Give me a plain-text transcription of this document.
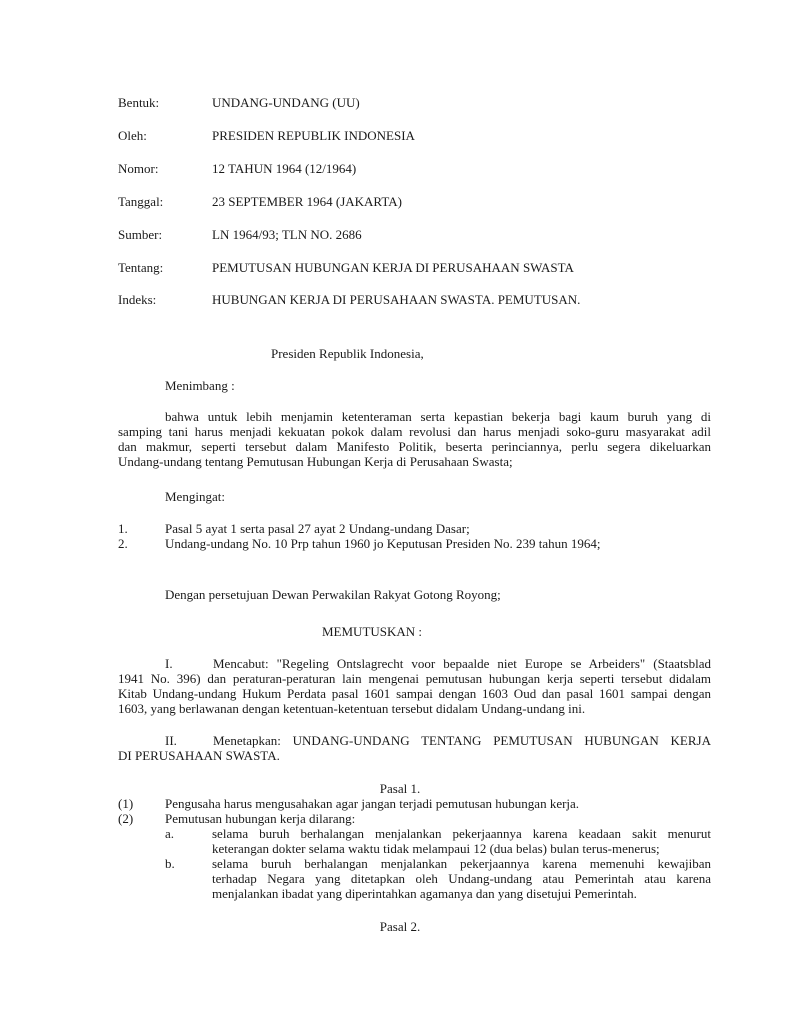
Bentuk:	UNDANG-UNDANG (UU)
Oleh:	PRESIDEN REPUBLIK INDONESIA
Nomor:	12 TAHUN 1964 (12/1964)
Tanggal:	23 SEPTEMBER 1964 (JAKARTA)
Sumber:	LN 1964/93; TLN NO. 2686
Tentang:	PEMUTUSAN HUBUNGAN KERJA DI PERUSAHAAN SWASTA
Indeks:	HUBUNGAN KERJA DI PERUSAHAAN SWASTA. PEMUTUSAN.
Presiden Republik Indonesia,
Menimbang :
bahwa untuk lebih menjamin ketenteraman serta kepastian bekerja bagi kaum buruh yang di
samping tani harus menjadi kekuatan pokok dalam revolusi dan harus menjadi soko-guru masyarakat adil
dan makmur, seperti tersebut dalam Manifesto Politik, beserta perinciannya, perlu segera dikeluarkan
Undang-undang tentang Pemutusan Hubungan Kerja di Perusahaan Swasta;
Mengingat:
1.	Pasal 5 ayat 1 serta pasal 27 ayat 2 Undang-undang Dasar;
2.	Undang-undang No. 10 Prp tahun 1960 jo Keputusan Presiden No. 239 tahun 1964;
Dengan persetujuan Dewan Perwakilan Rakyat Gotong Royong;
MEMUTUSKAN :
I.	Mencabut: "Regeling Ontslagrecht voor bepaalde niet Europe se Arbeiders" (Staatsblad
1941 No. 396) dan peraturan-peraturan lain mengenai pemutusan hubungan kerja seperti tersebut didalam
Kitab Undang-undang Hukum Perdata pasal 1601 sampai dengan 1603 Oud dan pasal 1601 sampai dengan
1603, yang berlawanan dengan ketentuan-ketentuan tersebut didalam Undang-undang ini.
II.	Menetapkan: UNDANG-UNDANG TENTANG PEMUTUSAN HUBUNGAN KERJA
DI PERUSAHAAN SWASTA.
Pasal 1.
(1) Pengusaha harus mengusahakan agar jangan terjadi pemutusan hubungan kerja.
(2) Pemutusan hubungan kerja dilarang:
a.	selama buruh berhalangan menjalankan pekerjaannya karena keadaan sakit menurut
keterangan dokter selama waktu tidak melampaui 12 (dua belas) bulan terus-menerus;
b.	selama buruh berhalangan menjalankan pekerjaannya karena memenuhi kewajiban
terhadap Negara yang ditetapkan oleh Undang-undang atau Pemerintah atau karena
menjalankan ibadat yang diperintahkan agamanya dan yang disetujui Pemerintah.
Pasal 2.
